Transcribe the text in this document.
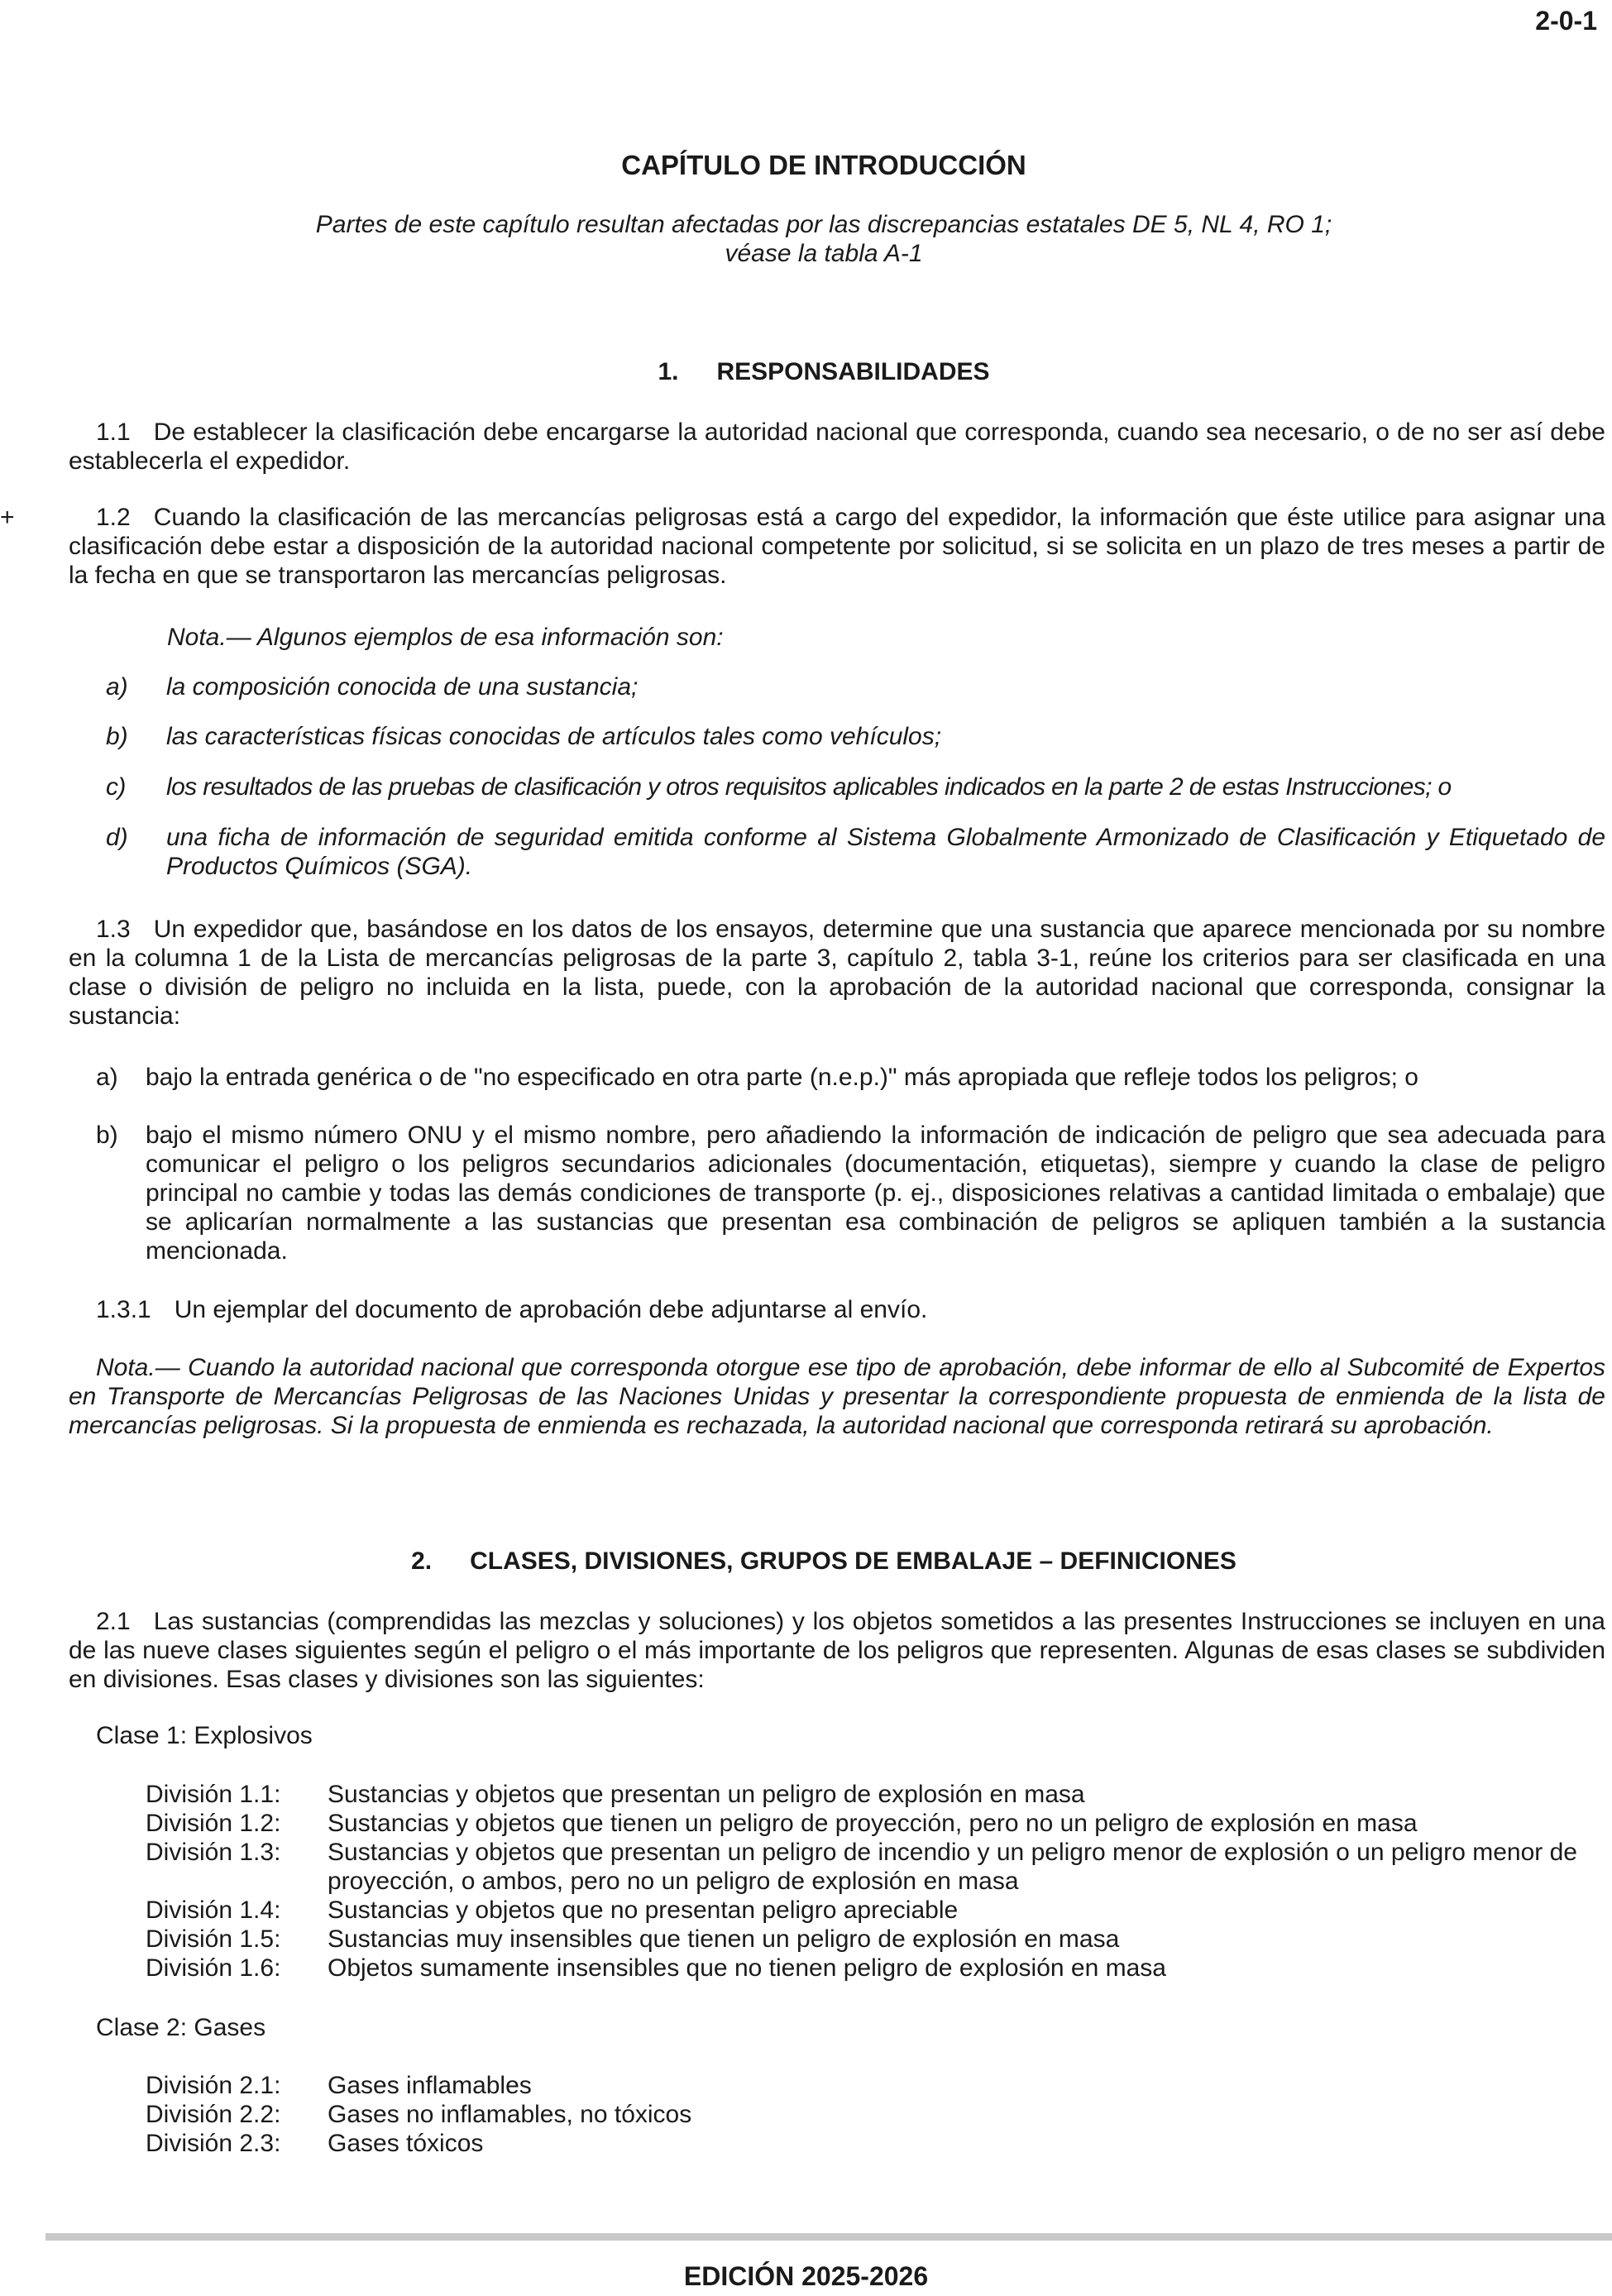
2-0-1
CAPÍTULO DE INTRODUCCIÓN
Partes de este capítulo resultan afectadas por las discrepancias estatales DE 5, NL 4, RO 1;
véase la tabla A-1
1. RESPONSABILIDADES
1.1 De establecer la clasificación debe encargarse la autoridad nacional que corresponda, cuando sea necesario, o de no ser así debe establecerla el expedidor.
+	1.2 Cuando la clasificación de las mercancías peligrosas está a cargo del expedidor, la información que éste utilice para asignar una clasificación debe estar a disposición de la autoridad nacional competente por solicitud, si se solicita en un plazo de tres meses a partir de la fecha en que se transportaron las mercancías peligrosas.
Nota.— Algunos ejemplos de esa información son:
a) la composición conocida de una sustancia;
b) las características físicas conocidas de artículos tales como vehículos;
c) los resultados de las pruebas de clasificación y otros requisitos aplicables indicados en la parte 2 de estas Instrucciones; o
d) una ficha de información de seguridad emitida conforme al Sistema Globalmente Armonizado de Clasificación y Etiquetado de Productos Químicos (SGA).
1.3 Un expedidor que, basándose en los datos de los ensayos, determine que una sustancia que aparece mencionada por su nombre en la columna 1 de la Lista de mercancías peligrosas de la parte 3, capítulo 2, tabla 3-1, reúne los criterios para ser clasificada en una clase o división de peligro no incluida en la lista, puede, con la aprobación de la autoridad nacional que corresponda, consignar la sustancia:
a) bajo la entrada genérica o de "no especificado en otra parte (n.e.p.)" más apropiada que refleje todos los peligros; o
b) bajo el mismo número ONU y el mismo nombre, pero añadiendo la información de indicación de peligro que sea adecuada para comunicar el peligro o los peligros secundarios adicionales (documentación, etiquetas), siempre y cuando la clase de peligro principal no cambie y todas las demás condiciones de transporte (p. ej., disposiciones relativas a cantidad limitada o embalaje) que se aplicarían normalmente a las sustancias que presentan esa combinación de peligros se apliquen también a la sustancia mencionada.
1.3.1 Un ejemplar del documento de aprobación debe adjuntarse al envío.
Nota.— Cuando la autoridad nacional que corresponda otorgue ese tipo de aprobación, debe informar de ello al Subcomité de Expertos en Transporte de Mercancías Peligrosas de las Naciones Unidas y presentar la correspondiente propuesta de enmienda de la lista de mercancías peligrosas. Si la propuesta de enmienda es rechazada, la autoridad nacional que corresponda retirará su aprobación.
2. CLASES, DIVISIONES, GRUPOS DE EMBALAJE – DEFINICIONES
2.1 Las sustancias (comprendidas las mezclas y soluciones) y los objetos sometidos a las presentes Instrucciones se incluyen en una de las nueve clases siguientes según el peligro o el más importante de los peligros que representen. Algunas de esas clases se subdividen en divisiones. Esas clases y divisiones son las siguientes:
Clase 1: Explosivos
División 1.1: Sustancias y objetos que presentan un peligro de explosión en masa
División 1.2: Sustancias y objetos que tienen un peligro de proyección, pero no un peligro de explosión en masa
División 1.3: Sustancias y objetos que presentan un peligro de incendio y un peligro menor de explosión o un peligro menor de proyección, o ambos, pero no un peligro de explosión en masa
División 1.4: Sustancias y objetos que no presentan peligro apreciable
División 1.5: Sustancias muy insensibles que tienen un peligro de explosión en masa
División 1.6: Objetos sumamente insensibles que no tienen peligro de explosión en masa
Clase 2: Gases
División 2.1: Gases inflamables
División 2.2: Gases no inflamables, no tóxicos
División 2.3: Gases tóxicos
EDICIÓN 2025-2026
